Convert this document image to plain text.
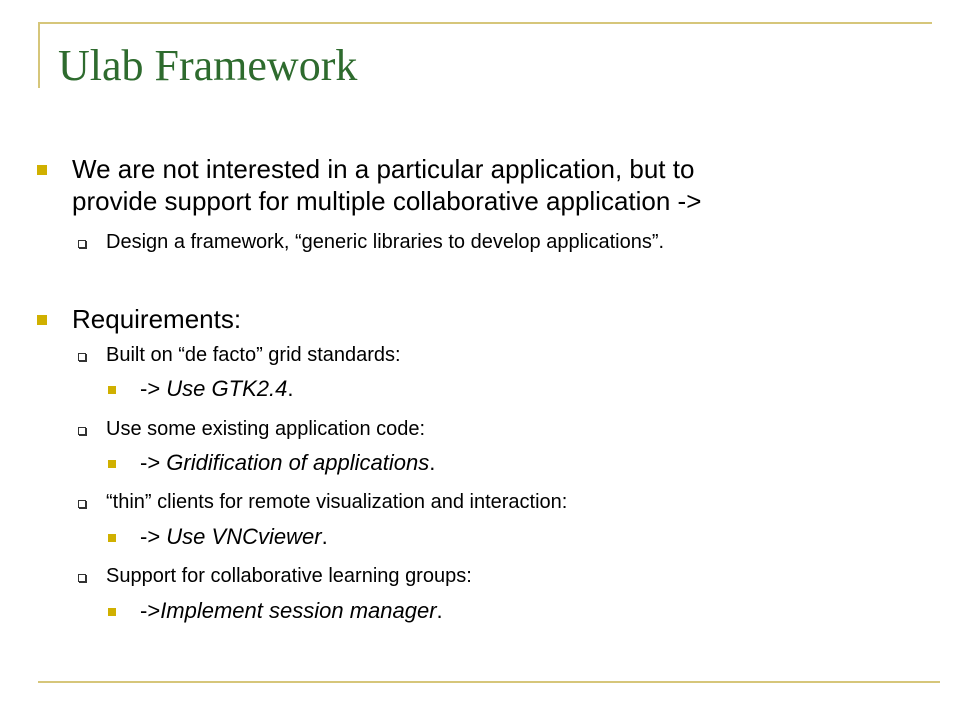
Ulab Framework
We are not interested in a particular application, but to
provide support for multiple collaborative application ->
Design a framework, “generic libraries to develop applications”.
Requirements:
Built on “de facto” grid standards:
-> Use GTK2.4.
Use some existing application code:
-> Gridification of applications.
“thin” clients for remote visualization and interaction:
-> Use VNCviewer.
Support for collaborative learning groups:
->Implement session manager.
